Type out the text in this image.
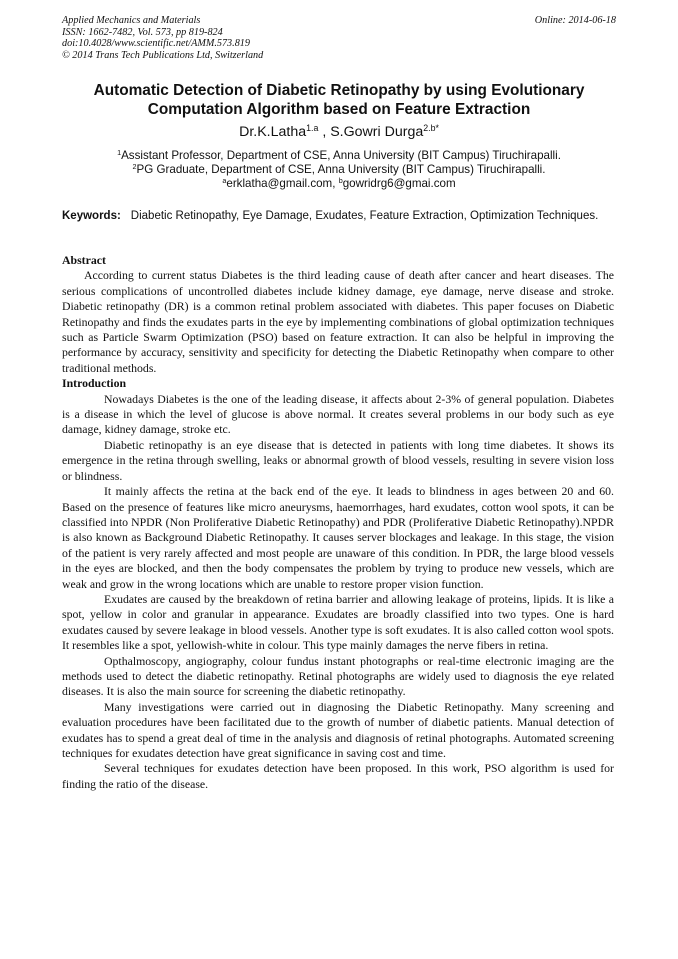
Applied Mechanics and Materials
ISSN: 1662-7482, Vol. 573, pp 819-824
doi:10.4028/www.scientific.net/AMM.573.819
© 2014 Trans Tech Publications Ltd, Switzerland
Online: 2014-06-18
Automatic Detection of Diabetic Retinopathy by using Evolutionary Computation Algorithm based on Feature Extraction
Dr.K.Latha$^{1.a}$ , S.Gowri Durga$^{2.b*}$
$^1$Assistant Professor, Department of CSE, Anna University (BIT Campus) Tiruchirapalli.
$^2$PG Graduate, Department of CSE, Anna University (BIT Campus) Tiruchirapalli.
$^a$erklatha@gmail.com, $^b$gowridrg6@gmai.com
Keywords: Diabetic Retinopathy, Eye Damage, Exudates, Feature Extraction, Optimization Techniques.
Abstract

According to current status Diabetes is the third leading cause of death after cancer and heart diseases. The serious complications of uncontrolled diabetes include kidney damage, eye damage, nerve disease and stroke. Diabetic retinopathy (DR) is a common retinal problem associated with diabetes. This paper focuses on Diabetic Retinopathy and finds the exudates parts in the eye by implementing combinations of global optimization techniques such as Particle Swarm Optimization (PSO) based on feature extraction. It can also be helpful in improving the performance by accuracy, sensitivity and specificity for detecting the Diabetic Retinopathy when compare to other traditional methods.

Introduction

Nowadays Diabetes is the one of the leading disease, it affects about 2-3% of general population. Diabetes is a disease in which the level of glucose is above normal. It creates several problems in our body such as eye damage, kidney damage, stroke etc.

Diabetic retinopathy is an eye disease that is detected in patients with long time diabetes. It shows its emergence in the retina through swelling, leaks or abnormal growth of blood vessels, resulting in severe vision loss or blindness.

It mainly affects the retina at the back end of the eye. It leads to blindness in ages between 20 and 60. Based on the presence of features like micro aneurysms, haemorrhages, hard exudates, cotton wool spots, it can be classified into NPDR (Non Proliferative Diabetic Retinopathy) and PDR (Proliferative Diabetic Retinopathy).NPDR is also known as Background Diabetic Retinopathy. It causes server blockages and leakage. In this stage, the vision of the patient is very rarely affected and most people are unaware of this condition. In PDR, the large blood vessels in the eyes are blocked, and then the body compensates the problem by trying to produce new vessels, which are weak and grow in the wrong locations which are unable to restore proper vision function.

Exudates are caused by the breakdown of retina barrier and allowing leakage of proteins, lipids. It is like a spot, yellow in color and granular in appearance. Exudates are broadly classified into two types. One is hard exudates caused by severe leakage in blood vessels. Another type is soft exudates. It is also called cotton wool spots. It resembles like a spot, yellowish-white in colour. This type mainly damages the nerve fibers in retina.

Opthalmoscopy, angiography, colour fundus instant photographs or real-time electronic imaging are the methods used to detect the diabetic retinopathy. Retinal photographs are widely used to diagnosis the eye related diseases. It is also the main source for screening the diabetic retinopathy.

Many investigations were carried out in diagnosing the Diabetic Retinopathy. Many screening and evaluation procedures have been facilitated due to the growth of number of diabetic patients. Manual detection of exudates has to spend a great deal of time in the analysis and diagnosis of retinal photographs. Automated screening techniques for exudates detection have great significance in saving cost and time.

Several techniques for exudates detection have been proposed. In this work, PSO algorithm is used for finding the ratio of the disease.
